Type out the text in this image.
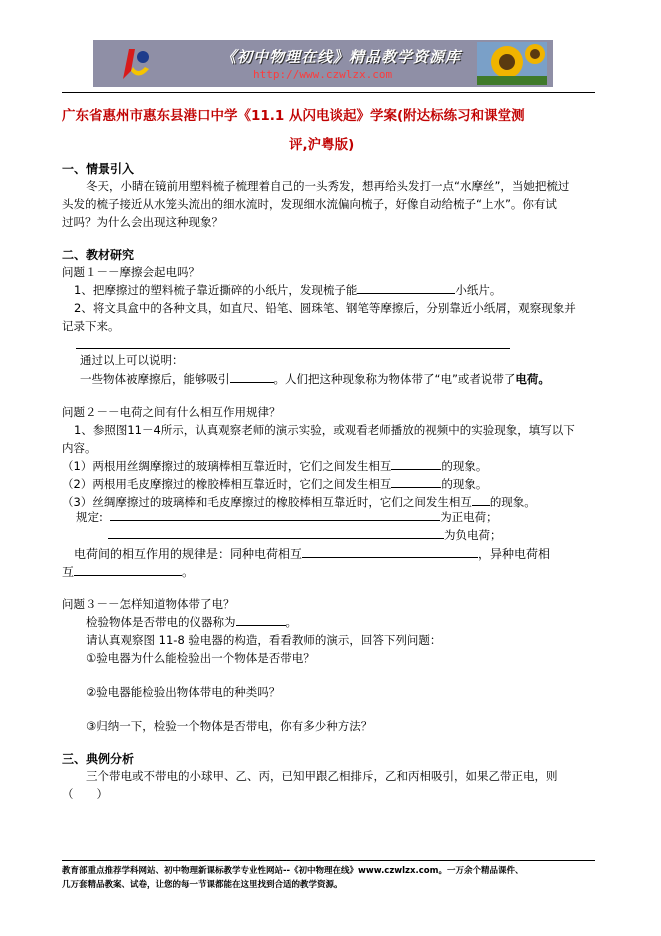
《初中物理在线》精品教学资源库
http://www.czwlzx.com
广东省惠州市惠东县港口中学《11.1 从闪电谈起》学案(附达标练习和课堂测
评,沪粤版)
一、情景引入
冬天，小睛在镜前用塑料梳子梳理着自己的一头秀发，想再给头发打一点“水摩丝”，当她把梳过
头发的梳子接近从水笼头流出的细水流时，发现细水流偏向梳子，好像自动给梳子“上水”。你有试
过吗？为什么会出现这种现象？
二、教材研究
问题１－－摩擦会起电吗？
1、把摩擦过的塑料梳子靠近撕碎的小纸片，发现梳子能	小纸片。
2、将文具盒中的各种文具，如直尺、铅笔、圆珠笔、钢笔等摩擦后，分别靠近小纸屑，观察现象并
记录下来。
通过以上可以说明：
一些物体被摩擦后，能够吸引	。人们把这种现象称为物体带了“电”或者说带了电荷。
问题２－－电荷之间有什么相互作用规律？
1、参照图11－4所示，认真观察老师的演示实验，或观看老师播放的视频中的实验现象，填写以下
内容。
（1）两根用丝绸摩擦过的玻璃棒相互靠近时，它们之间发生相互	的现象。
（2）两根用毛皮摩擦过的橡胶棒相互靠近时，它们之间发生相互	的现象。
（3）丝绸摩擦过的玻璃棒和毛皮摩擦过的橡胶棒相互靠近时，它们之间发生相互 的现象。
规定:	为正电荷；
为负电荷；
电荷间的相互作用的规律是：同种电荷相互	，异种电荷相
互	。
问题３－－怎样知道物体带了电？
检验物体是否带电的仪器称为	。
请认真观察图 11-8 验电器的构造，看看教师的演示，回答下列问题：
①验电器为什么能检验出一个物体是否带电？
②验电器能检验出物体带电的种类吗？
③归纳一下，检验一个物体是否带电，你有多少种方法？
三、典例分析
三个带电或不带电的小球甲、乙、丙，已知甲跟乙相排斥，乙和丙相吸引，如果乙带正电，则
（　　）
教育部重点推荐学科网站、初中物理新课标教学专业性网站--《初中物理在线》www.czwlzx.com。一万余个精品课件、
几万套精品教案、试卷，让您的每一节课都能在这里找到合适的教学资源。
